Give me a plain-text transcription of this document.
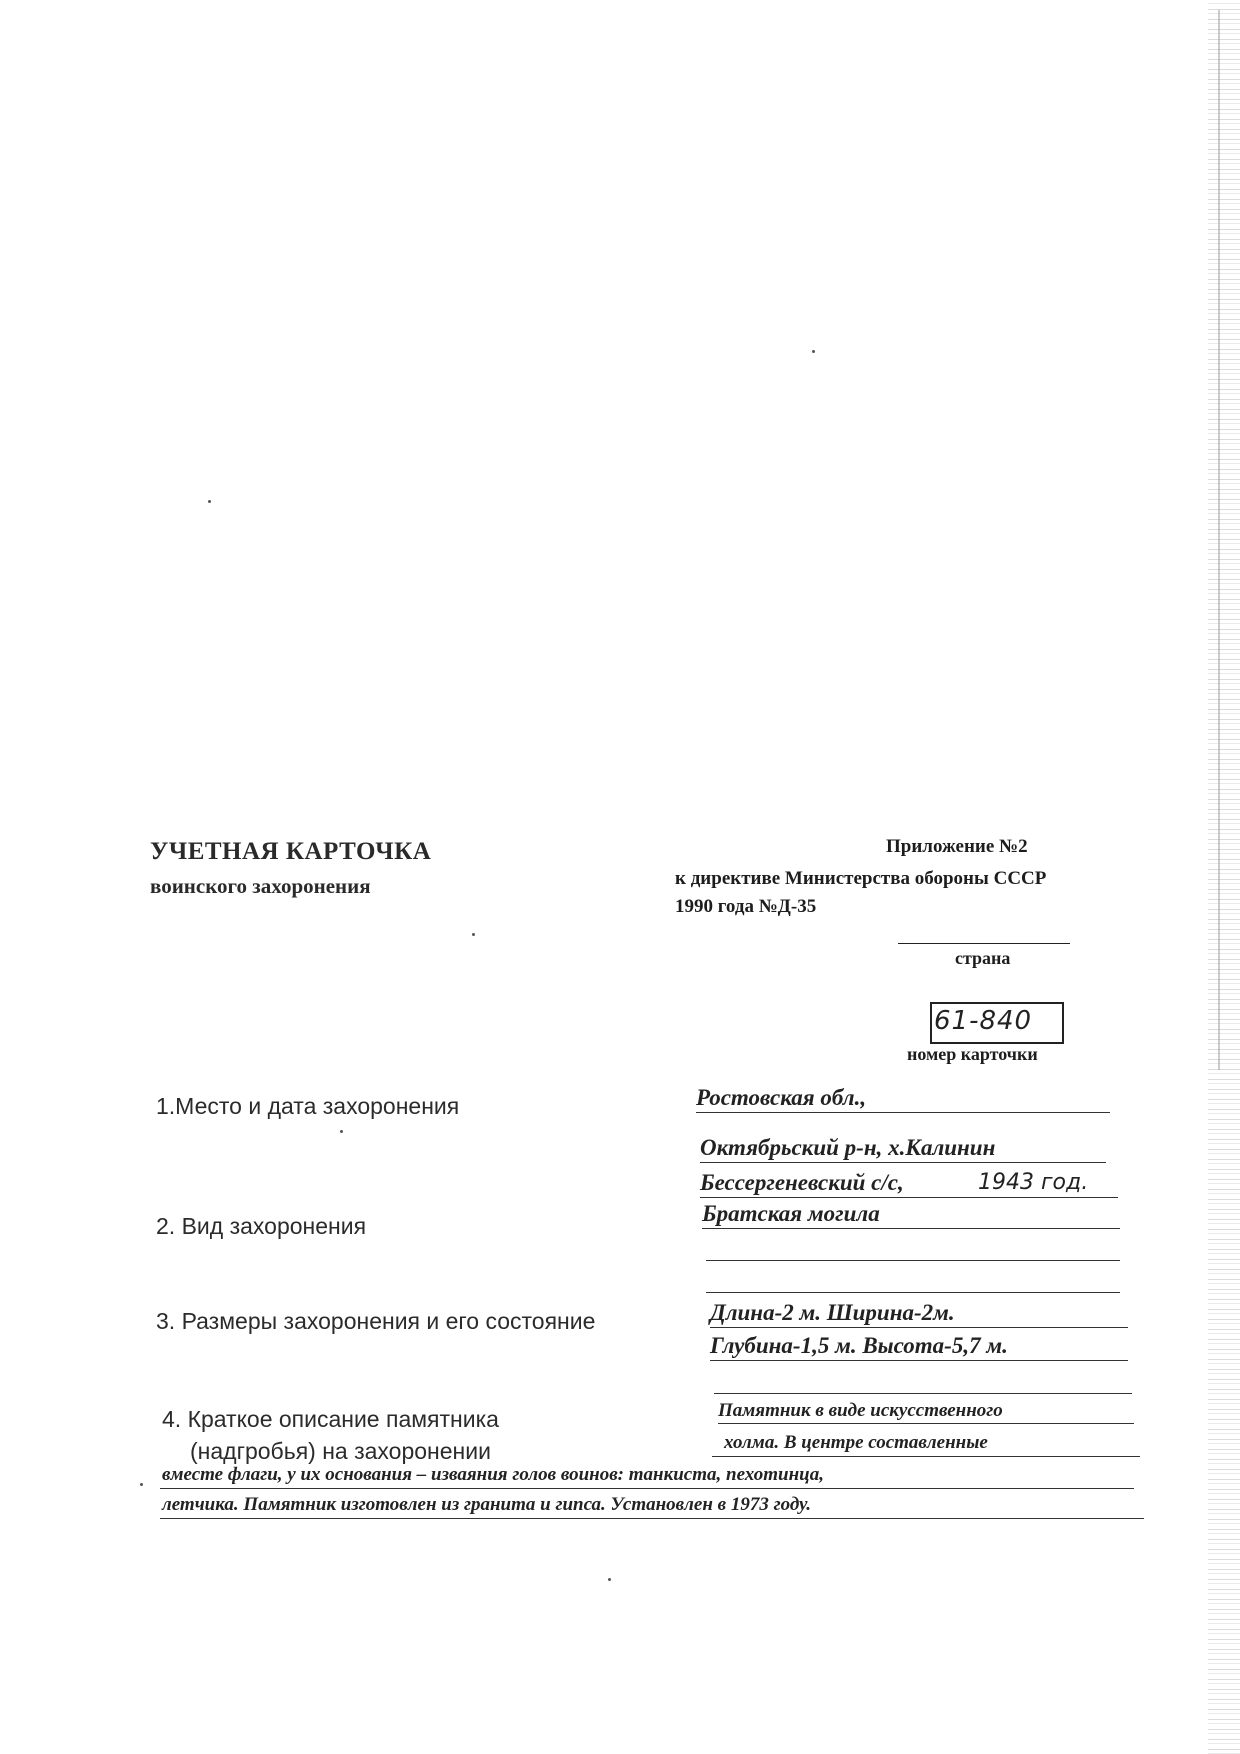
УЧЕТНАЯ КАРТОЧКА
воинского захоронения
Приложение №2
к директиве Министерства обороны СССР
1990 года №Д-35
страна
61-840
номер карточки
1.Место и дата захоронения	Ростовская обл.,
Октябрьский р-н, х.Калинин
Бессергеневский с/с,	1943 год.
2. Вид захоронения	Братская могила
3. Размеры захоронения и его состояние	Длина-2 м. Ширина-2м.
Глубина-1,5 м. Высота-5,7 м.
4. Краткое описание памятника
(надгробья) на захоронении
Памятник в виде искусственного
холма. В центре составленные
вместе флаги, у их основания – изваяния голов воинов: танкиста, пехотинца,
летчика. Памятник изготовлен из гранита и гипса. Установлен в 1973 году.
